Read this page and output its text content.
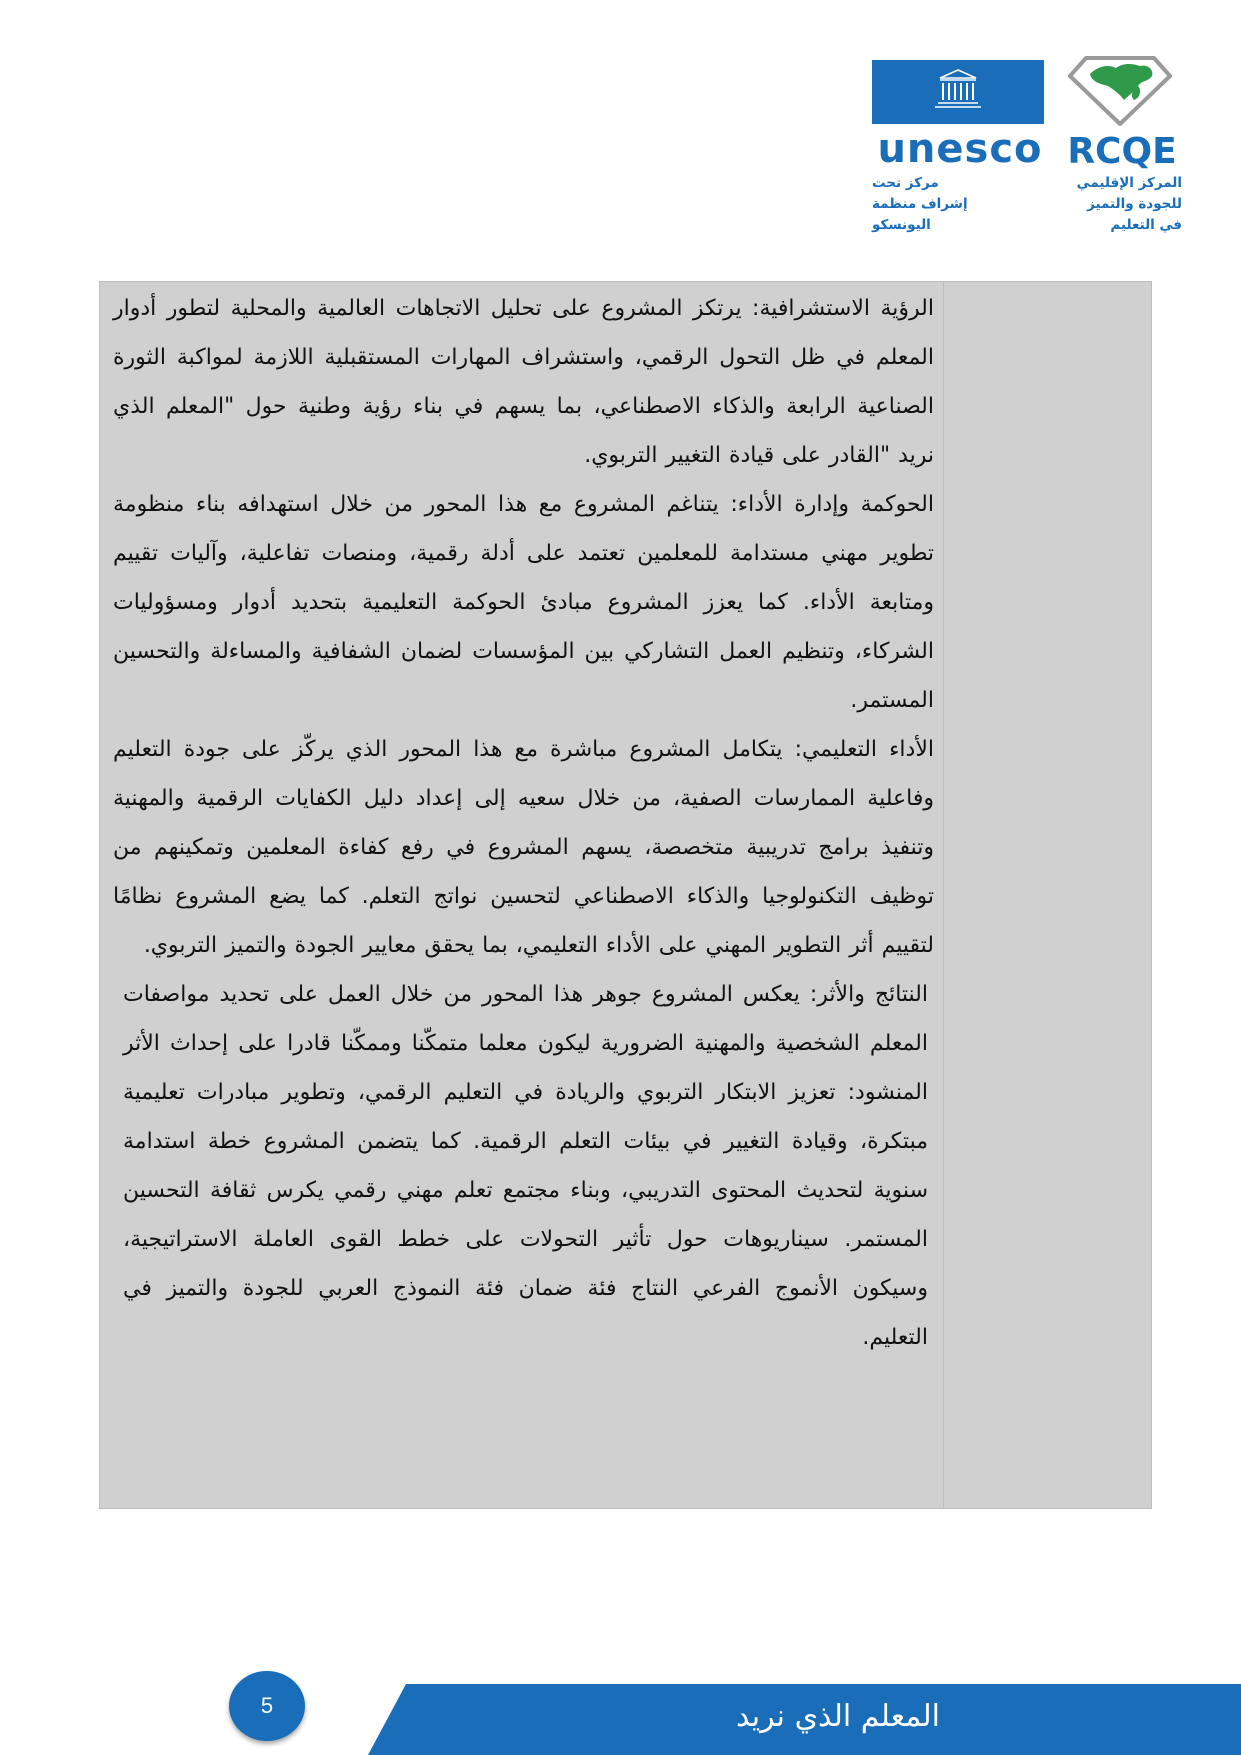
RCQE
المركز الإقليمي
للجودة والتميز
في التعليم
unesco
مركز تحت
إشراف منظمة
اليونسكو

الرؤية الاستشرافية: يرتكز المشروع على تحليل الاتجاهات العالمية والمحلية لتطور أدوار المعلم في ظل التحول الرقمي، واستشراف المهارات المستقبلية اللازمة لمواكبة الثورة الصناعية الرابعة والذكاء الاصطناعي، بما يسهم في بناء رؤية وطنية حول "المعلم الذي نريد "القادر على قيادة التغيير التربوي.

الحوكمة وإدارة الأداء: يتناغم المشروع مع هذا المحور من خلال استهدافه بناء منظومة تطوير مهني مستدامة للمعلمين تعتمد على أدلة رقمية، ومنصات تفاعلية، وآليات تقييم ومتابعة الأداء. كما يعزز المشروع مبادئ الحوكمة التعليمية بتحديد أدوار ومسؤوليات الشركاء، وتنظيم العمل التشاركي بين المؤسسات لضمان الشفافية والمساءلة والتحسين المستمر.

الأداء التعليمي: يتكامل المشروع مباشرة مع هذا المحور الذي يركّز على جودة التعليم وفاعلية الممارسات الصفية، من خلال سعيه إلى إعداد دليل الكفايات الرقمية والمهنية وتنفيذ برامج تدريبية متخصصة، يسهم المشروع في رفع كفاءة المعلمين وتمكينهم من توظيف التكنولوجيا والذكاء الاصطناعي لتحسين نواتج التعلم. كما يضع المشروع نظامًا لتقييم أثر التطوير المهني على الأداء التعليمي، بما يحقق معايير الجودة والتميز التربوي.

النتائج والأثر: يعكس المشروع جوهر هذا المحور من خلال العمل على تحديد مواصفات المعلم الشخصية والمهنية الضرورية ليكون معلما متمكّنا وممكّنا قادرا على إحداث الأثر المنشود: تعزيز الابتكار التربوي والريادة في التعليم الرقمي، وتطوير مبادرات تعليمية مبتكرة، وقيادة التغيير في بيئات التعلم الرقمية. كما يتضمن المشروع خطة استدامة سنوية لتحديث المحتوى التدريبي، وبناء مجتمع تعلم مهني رقمي يكرس ثقافة التحسين المستمر. سيناريوهات حول تأثير التحولات على خطط القوى العاملة الاستراتيجية، وسيكون الأنموج الفرعي النتاج فئة ضمان فئة النموذج العربي للجودة والتميز في التعليم.

المعلم الذي نريد
5
